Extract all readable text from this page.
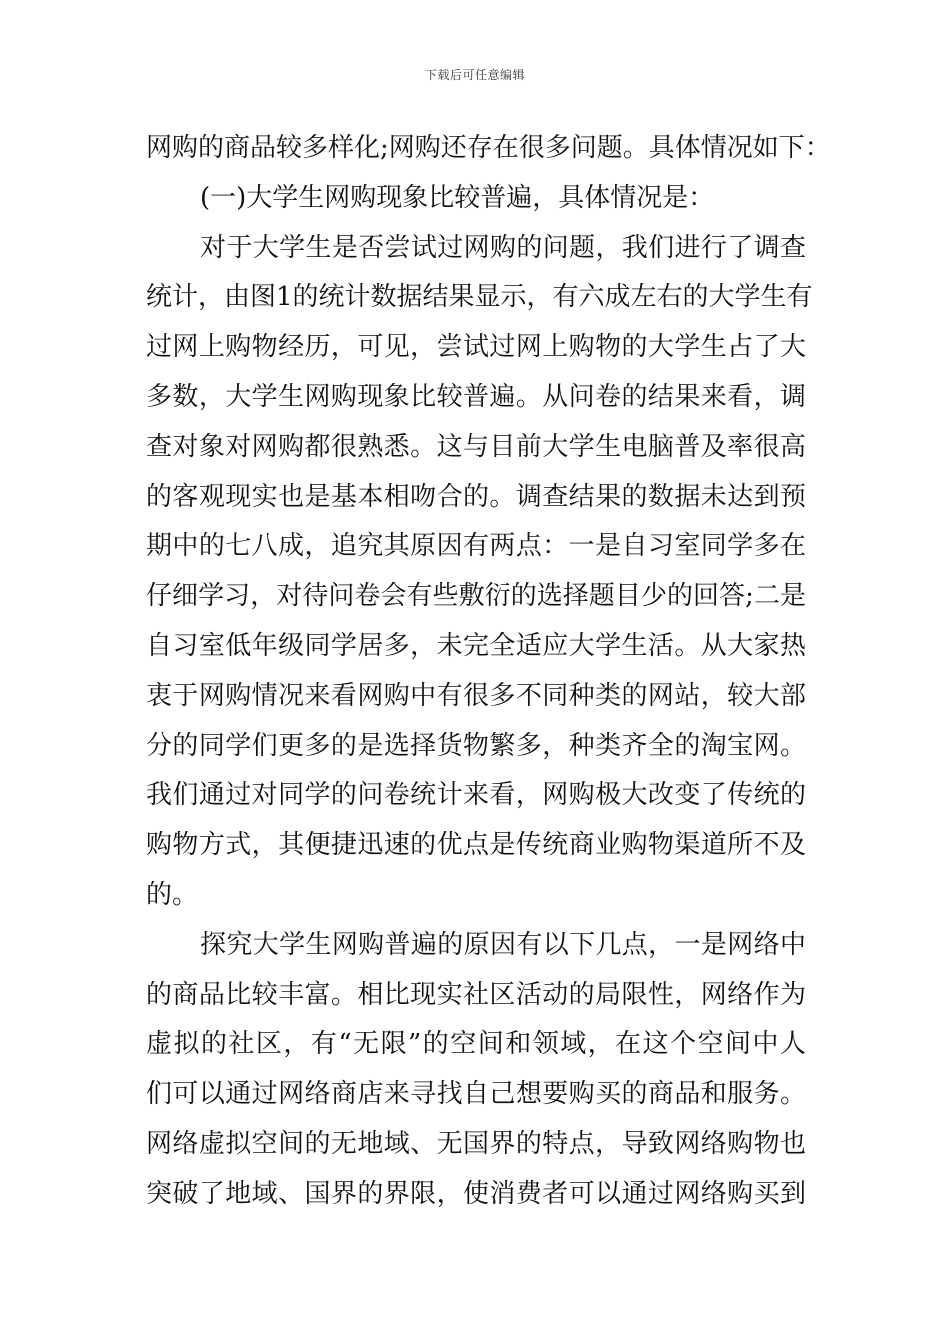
下载后可任意编辑
网购的商品较多样化;网购还存在很多问题。具体情况如下：
(一)大学生网购现象比较普遍，具体情况是：
对于大学生是否尝试过网购的问题，我们进行了调查
统计，由图1的统计数据结果显示，有六成左右的大学生有
过网上购物经历，可见，尝试过网上购物的大学生占了大
多数，大学生网购现象比较普遍。从问卷的结果来看，调
查对象对网购都很熟悉。这与目前大学生电脑普及率很高
的客观现实也是基本相吻合的。调查结果的数据未达到预
期中的七八成，追究其原因有两点：一是自习室同学多在
仔细学习，对待问卷会有些敷衍的选择题目少的回答;二是
自习室低年级同学居多，未完全适应大学生活。从大家热
衷于网购情况来看网购中有很多不同种类的网站，较大部
分的同学们更多的是选择货物繁多，种类齐全的淘宝网。
我们通过对同学的问卷统计来看，网购极大改变了传统的
购物方式，其便捷迅速的优点是传统商业购物渠道所不及
的。
探究大学生网购普遍的原因有以下几点，一是网络中
的商品比较丰富。相比现实社区活动的局限性，网络作为
虚拟的社区，有“无限”的空间和领域，在这个空间中人
们可以通过网络商店来寻找自己想要购买的商品和服务。
网络虚拟空间的无地域、无国界的特点，导致网络购物也
突破了地域、国界的界限，使消费者可以通过网络购买到
